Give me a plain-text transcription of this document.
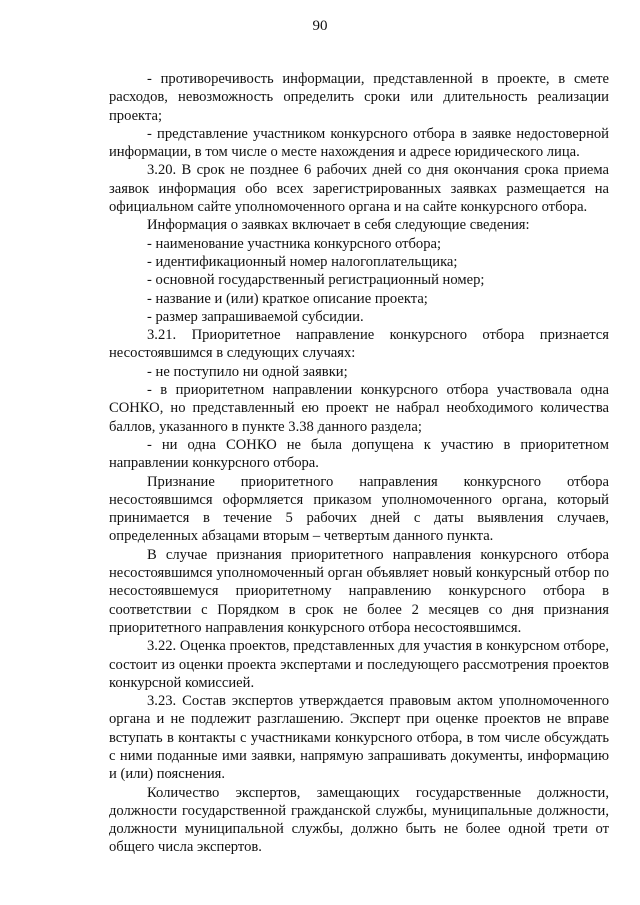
90

- противоречивость информации, представленной в проекте, в смете расходов, невозможность определить сроки или длительность реализации проекта;

- представление участником конкурсного отбора в заявке недостоверной информации, в том числе о месте нахождения и адресе юридического лица.

3.20. В срок не позднее 6 рабочих дней со дня окончания срока приема заявок информация обо всех зарегистрированных заявках размещается на официальном сайте уполномоченного органа и на сайте конкурсного отбора.

Информация о заявках включает в себя следующие сведения:

- наименование участника конкурсного отбора;

- идентификационный номер налогоплательщика;

- основной государственный регистрационный номер;

- название и (или) краткое описание проекта;

- размер запрашиваемой субсидии.

3.21. Приоритетное направление конкурсного отбора признается несостоявшимся в следующих случаях:

- не поступило ни одной заявки;

- в приоритетном направлении конкурсного отбора участвовала одна СОНКО, но представленный ею проект не набрал необходимого количества баллов, указанного в пункте 3.38 данного раздела;

- ни одна СОНКО не была допущена к участию в приоритетном направлении конкурсного отбора.

Признание приоритетного направления конкурсного отбора несостоявшимся оформляется приказом уполномоченного органа, который принимается в течение 5 рабочих дней с даты выявления случаев, определенных абзацами вторым – четвертым данного пункта.

В случае признания приоритетного направления конкурсного отбора несостоявшимся уполномоченный орган объявляет новый конкурсный отбор по несостоявшемуся приоритетному направлению конкурсного отбора в соответствии с Порядком в срок не более 2 месяцев со дня признания приоритетного направления конкурсного отбора несостоявшимся.

3.22. Оценка проектов, представленных для участия в конкурсном отборе, состоит из оценки проекта экспертами и последующего рассмотрения проектов конкурсной комиссией.

3.23. Состав экспертов утверждается правовым актом уполномоченного органа и не подлежит разглашению. Эксперт при оценке проектов не вправе вступать в контакты с участниками конкурсного отбора, в том числе обсуждать с ними поданные ими заявки, напрямую запрашивать документы, информацию и (или) пояснения.

Количество экспертов, замещающих государственные должности, должности государственной гражданской службы, муниципальные должности, должности муниципальной службы, должно быть не более одной трети от общего числа экспертов.
